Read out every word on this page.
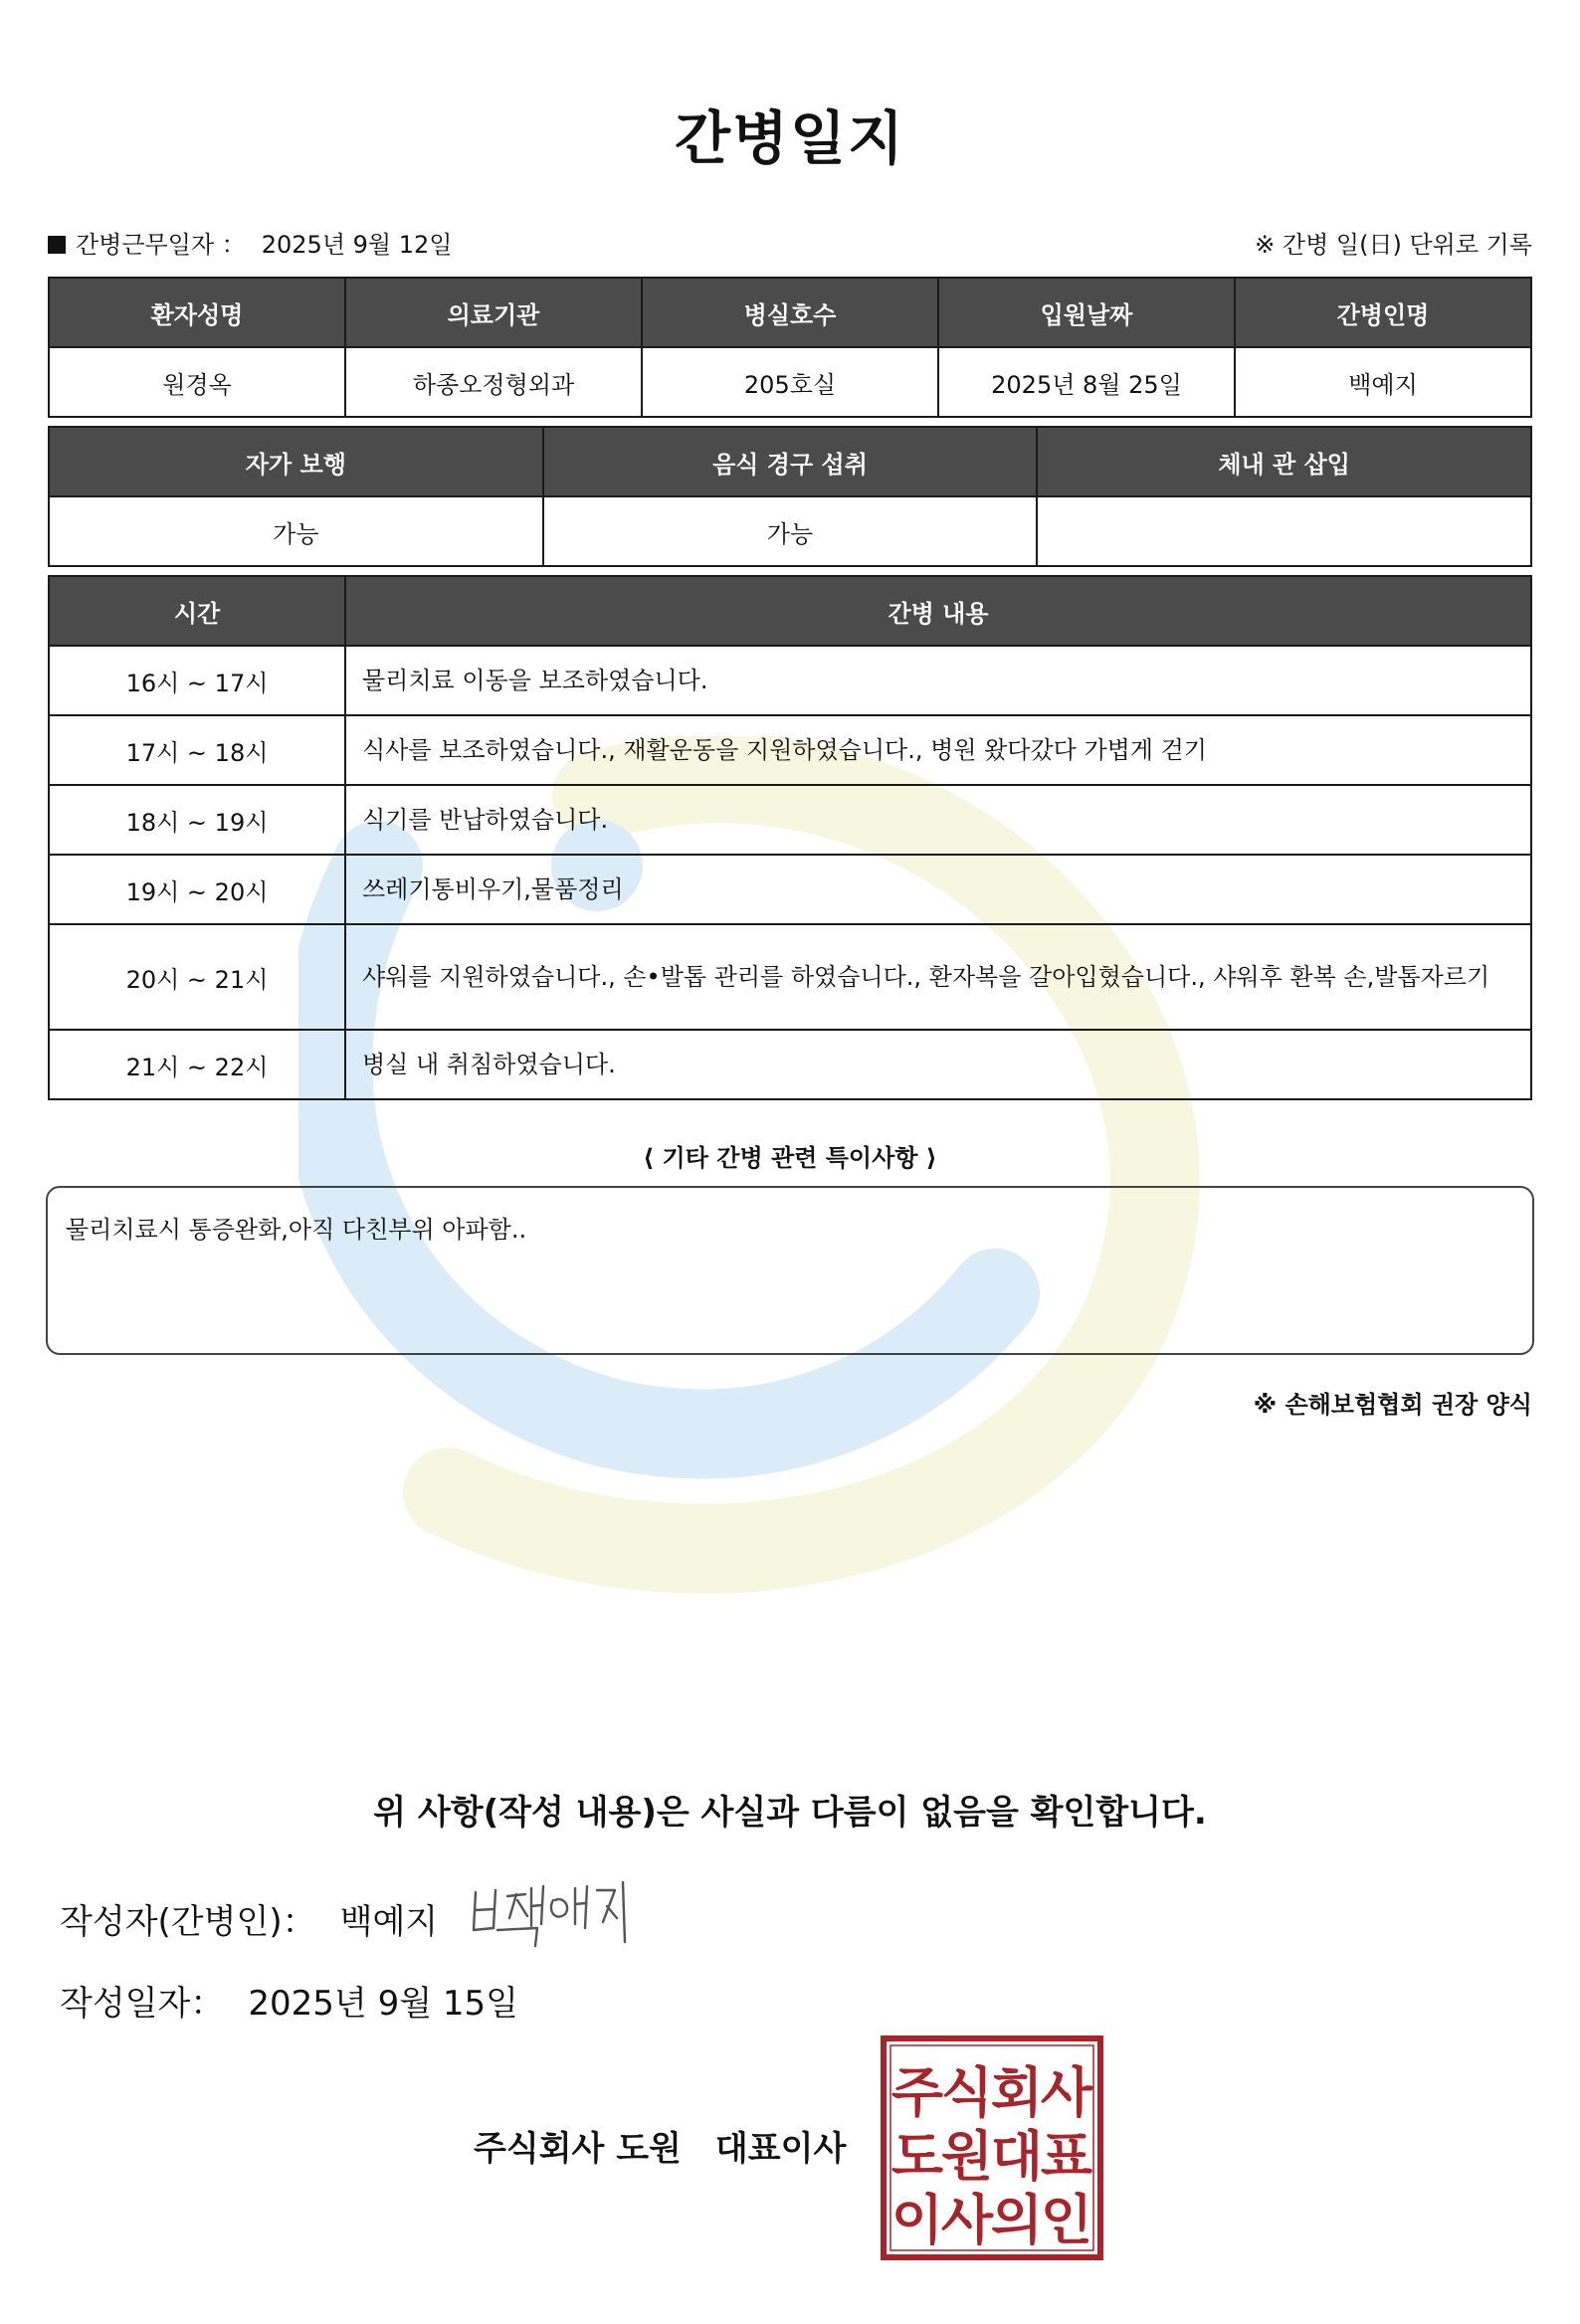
간병일지
간병근무일자 ： 2025년 9월 12일	※ 간병 일(日) 단위로 기록
환자성명	의료기관	병실호수	입원날짜	간병인명
원경옥	하종오정형외과	205호실	2025년 8월 25일	백예지
자가 보행	음식 경구 섭취	체내 관 삽입
가능	가능	
시간	간병 내용
16시 ~ 17시	물리치료 이동을 보조하였습니다.
17시 ~ 18시	식사를 보조하였습니다., 재활운동을 지원하였습니다., 병원 왔다갔다 가볍게 걷기
18시 ~ 19시	식기를 반납하였습니다.
19시 ~ 20시	쓰레기통비우기,물품정리
20시 ~ 21시	샤워를 지원하였습니다., 손•발톱 관리를 하였습니다., 환자복을 갈아입혔습니다., 샤워후 환복 손,발톱자르기
21시 ~ 22시	병실 내 취침하였습니다.
⟨ 기타 간병 관련 특이사항 ⟩
물리치료시 통증완화,아직 다친부위 아파함..
※ 손해보험협회 권장 양식
위 사항(작성 내용)은 사실과 다름이 없음을 확인합니다.
작성자(간병인)： 백예지
작성일자： 2025년 9월 15일
주식회사 도원 대표이사
주
식
회
사
도
원
대
표
이
사
의
인
